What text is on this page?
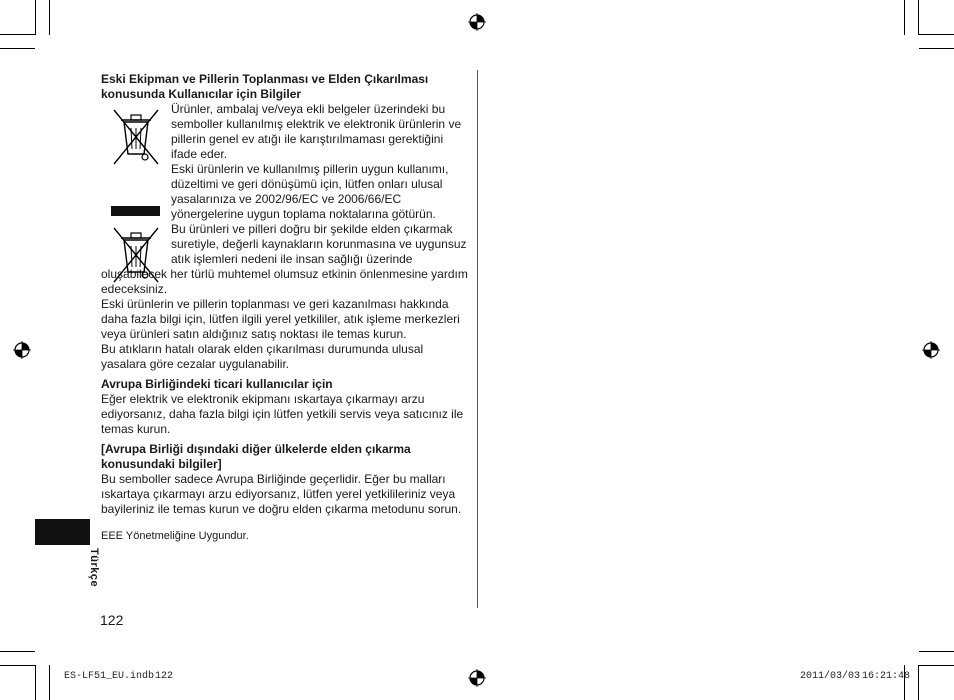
Eski Ekipman ve Pillerin Toplanması ve Elden Çıkarılması

konusunda Kullanıcılar için Bilgiler

Ürünler, ambalaj ve/veya ekli belgeler üzerindeki bu

semboller kullanılmış elektrik ve elektronik ürünlerin ve

pillerin genel ev atığı ile karıştırılmaması gerektiğini

ifade eder.

Eski ürünlerin ve kullanılmış pillerin uygun kullanımı,

düzeltimi ve geri dönüşümü için, lütfen onları ulusal

yasalarınıza ve 2002/96/EC ve 2006/66/EC

yönergelerine uygun toplama noktalarına götürün.

Bu ürünleri ve pilleri doğru bir şekilde elden çıkarmak

suretiyle, değerli kaynakların korunmasına ve uygunsuz

atık işlemleri nedeni ile insan sağlığı üzerinde

oluşabilecek her türlü muhtemel olumsuz etkinin önlenmesine yardım

edeceksiniz.

Eski ürünlerin ve pillerin toplanması ve geri kazanılması hakkında

daha fazla bilgi için, lütfen ilgili yerel yetkililer, atık işleme merkezleri

veya ürünleri satın aldığınız satış noktası ile temas kurun.

Bu atıkların hatalı olarak elden çıkarılması durumunda ulusal

yasalara göre cezalar uygulanabilir.

Avrupa Birliğindeki ticari kullanıcılar için

Eğer elektrik ve elektronik ekipmanı ıskartaya çıkarmayı arzu

ediyorsanız, daha fazla bilgi için lütfen yetkili servis veya satıcınız ile

temas kurun.

[Avrupa Birliği dışındaki diğer ülkelerde elden çıkarma

konusundaki bilgiler]

Bu semboller sadece Avrupa Birliğinde geçerlidir. Eğer bu malları

ıskartaya çıkarmayı arzu ediyorsanız, lütfen yerel yetkilileriniz veya

bayileriniz ile temas kurun ve doğru elden çıkarma metodunu sorun.

Türkçe
EEE Yönetmeliğine Uygundur.
122
ES-LF51_EU.indb 122	2011/03/03 16:21:48
